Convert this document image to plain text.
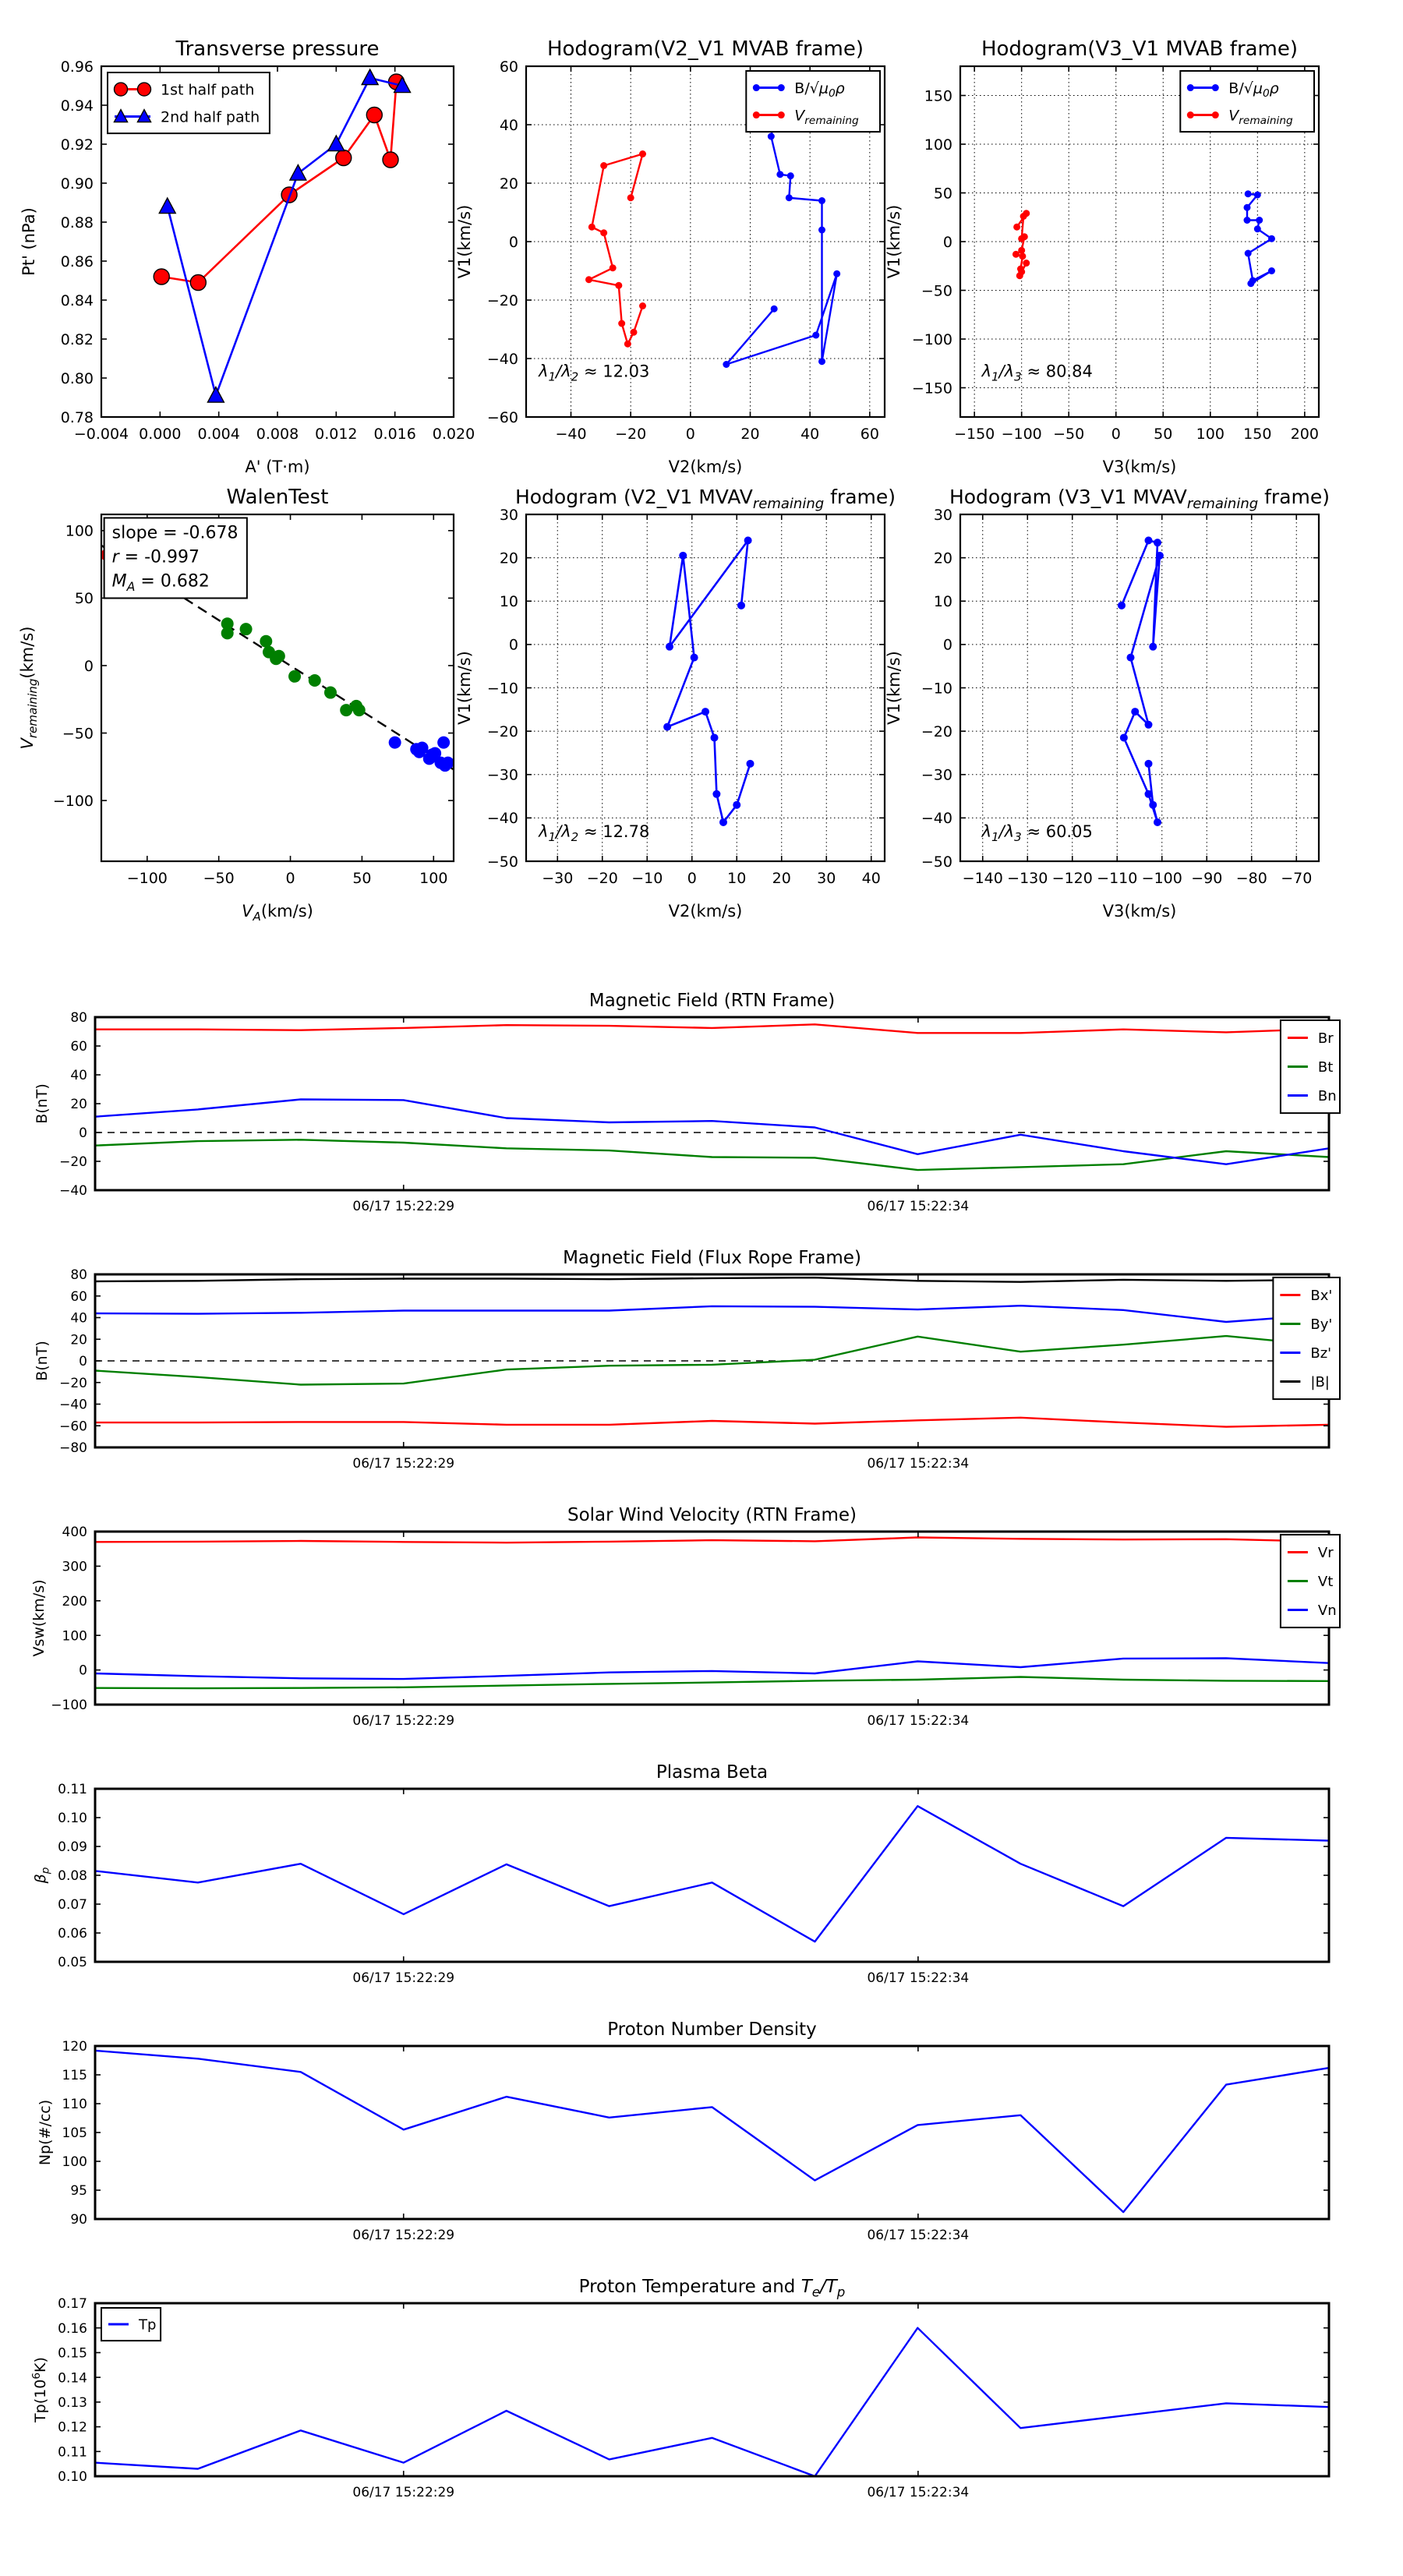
−0.004 0.000 0.004 0.008 0.012 0.016 0.020
0.78
0.80
0.82
0.84
0.86
0.88
0.90
0.92
0.94
0.96
Transverse pressure
A' (T·m)
Pt' (nPa)
1st half path
2nd half path
−40 −20	0	20	40	60
−60
−40
−20
0
20
40
60
Hodogram(V2_V1 MVAB frame)
V2(km/s)
V1(km/s)
$B/√\mu_0\rho$
$V_{remaining}$
$\lambda_1/\lambda_2 \approx 12.03$
−150 −100 −50 0 50 100 150 200
−150
−100
−50
0
50
100
150
Hodogram(V3_V1 MVAB frame)
V3(km/s)
V1(km/s)
$B/√\mu_0\rho$
$V_{remaining}$
$\lambda_1/\lambda_3 \approx 80.84$
−100 −50	0	50	100
−100
−50
0
50
100
WalenTest
$V_A(km/s)$
$V_{remaining}(km/s)$
slope = -0.678
r = -0.997
$M_A = 0.682$
−30 −20 −10 0 10 20 30 40
−50
−40
−30
−20
−10
0
10
20
30
Hodogram (V2_V1 $MVAV_{remaining}$ frame)
V2(km/s)
V1(km/s)
$\lambda_1/\lambda_2 \approx 12.78$
−140 −130 −120 −110 −100 −90 −80 −70
−50
−40
−30
−20
−10
0
10
20
30
Hodogram (V3_V1 $MVAV_{remaining}$ frame)
V3(km/s)
V1(km/s)
$\lambda_1/\lambda_3 \approx 60.05$
06/17 15:22:29	06/17 15:22:34
−40
−20
0
20
40
60
80
Magnetic Field (RTN Frame)
B(nT)
Br
Bt
Bn
06/17 15:22:29	06/17 15:22:34
−80
−60
−40
−20
0
20
40
60
80
Magnetic Field (Flux Rope Frame)
B(nT)
Bx'
By'
Bz'
|B|
06/17 15:22:29	06/17 15:22:34
−100
0
100
200
300
400
Solar Wind Velocity (RTN Frame)
Vsw(km/s)
Vr
Vt
Vn
06/17 15:22:29	06/17 15:22:34
0.05
0.06
0.07
0.08
0.09
0.10
0.11
Plasma Beta
$\beta_p$
06/17 15:22:29	06/17 15:22:34
90
95
100
105
110
115
120
Proton Number Density
Np(#/cc)
06/17 15:22:29	06/17 15:22:34
0.10
0.11
0.12
0.13
0.14
0.15
0.16
0.17
Proton Temperature and $T_e/T_p$
$Tp(10^6K)$
Tp
